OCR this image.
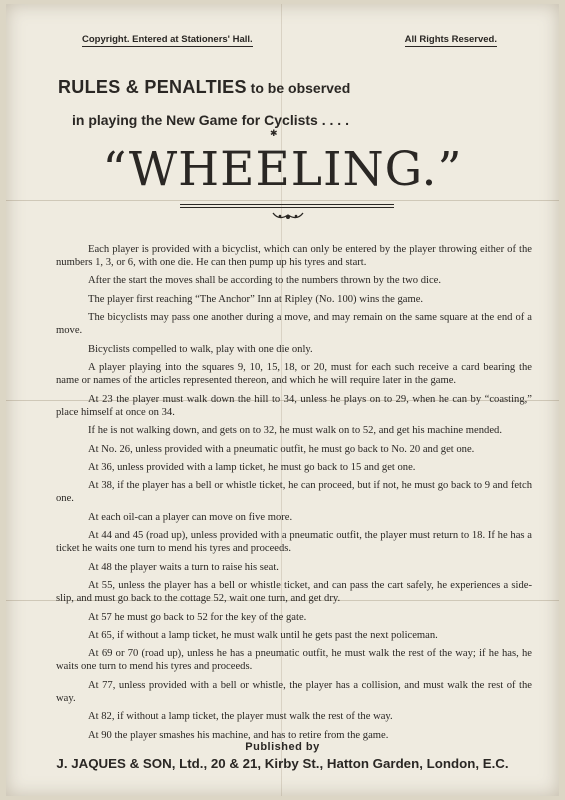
Copyright. Entered at Stationers' Hall.	All Rights Reserved.
RULES & PENALTIES to be observed
in playing the New Game for Cyclists . . . .
✱
“WHEELING.”

Each player is provided with a bicyclist, which can only be entered by the player throwing either of the numbers 1, 3, or 6, with one die. He can then pump up his tyres and start.

After the start the moves shall be according to the numbers thrown by the two dice.

The player first reaching “The Anchor” Inn at Ripley (No. 100) wins the game.

The bicyclists may pass one another during a move, and may remain on the same square at the end of a move.

Bicyclists compelled to walk, play with one die only.

A player playing into the squares 9, 10, 15, 18, or 20, must for each such receive a card bearing the name or names of the articles represented thereon, and which he will require later in the game.

At 23 the player must walk down the hill to 34, unless he plays on to 29, when he can by “coasting,” place himself at once on 34.

If he is not walking down, and gets on to 32, he must walk on to 52, and get his machine mended.

At No. 26, unless provided with a pneumatic outfit, he must go back to No. 20 and get one.

At 36, unless provided with a lamp ticket, he must go back to 15 and get one.

At 38, if the player has a bell or whistle ticket, he can proceed, but if not, he must go back to 9 and fetch one.

At each oil-can a player can move on five more.

At 44 and 45 (road up), unless provided with a pneumatic outfit, the player must return to 18. If he has a ticket he waits one turn to mend his tyres and proceeds.

At 48 the player waits a turn to raise his seat.

At 55, unless the player has a bell or whistle ticket, and can pass the cart safely, he experiences a side-slip, and must go back to the cottage 52, wait one turn, and get dry.

At 57 he must go back to 52 for the key of the gate.

At 65, if without a lamp ticket, he must walk until he gets past the next policeman.

At 69 or 70 (road up), unless he has a pneumatic outfit, he must walk the rest of the way; if he has, he waits one turn to mend his tyres and proceeds.

At 77, unless provided with a bell or whistle, the player has a collision, and must walk the rest of the way.

At 82, if without a lamp ticket, the player must walk the rest of the way.

At 90 the player smashes his machine, and has to retire from the game.

Published by
J. JAQUES & SON, Ltd., 20 & 21, Kirby St., Hatton Garden, London, E.C.
